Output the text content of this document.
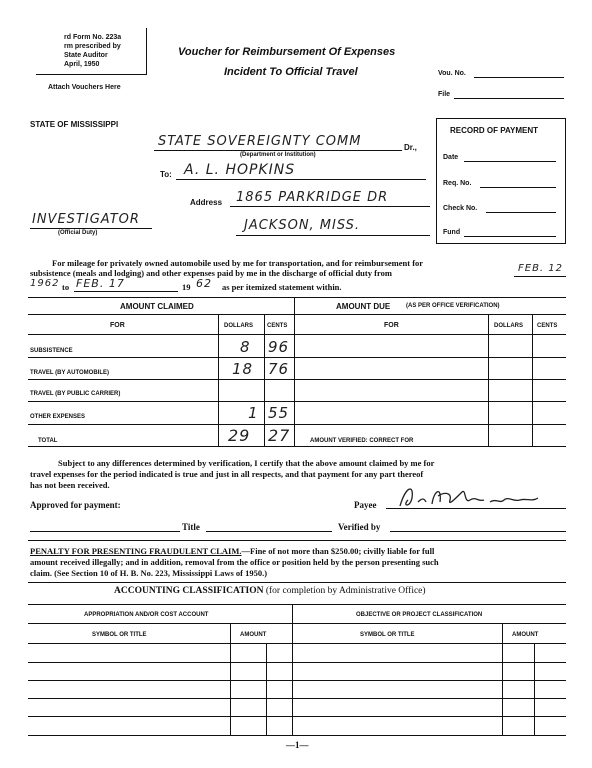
rd Form No. 223a
rm prescribed by
State Auditor
April, 1950
Attach Vouchers Here
Voucher for Reimbursement Of Expenses
Incident To Official Travel	Vou. No.
File
STATE OF MISSISSIPPI
RECORD OF PAYMENT
Date
Req. No.
Check No.
Fund
STATE SOVEREIGNTY COMM	Dr.,
(Department or Institution)
To: A. L. HOPKINS
Address 1865 PARKRIDGE DR
JACKSON, MISS.
INVESTIGATOR
(Official Duty)
For mileage for privately owned automobile used by me for transportation, and for reimbursement for
subsistence (meals and lodging) and other expenses paid by me in the discharge of official duty from	FEB. 12
1962 to FEB. 17	19 62 as per itemized statement within.
AMOUNT CLAIMED	AMOUNT DUE	(AS PER OFFICE VERIFICATION)
FOR	DOLLARS CENTS	FOR	DOLLARS CENTS
SUBSISTENCE	8 96
TRAVEL (BY AUTOMOBILE)	18 76
TRAVEL (BY PUBLIC CARRIER)
OTHER EXPENSES	1 55
TOTAL	29 27	AMOUNT VERIFIED: CORRECT FOR
Subject to any differences determined by verification, I certify that the above amount claimed by me for
travel expenses for the period indicated is true and just in all respects, and that payment for any part thereof
has not been received.
Approved for payment:	Payee
Title	Verified by
PENALTY FOR PRESENTING FRAUDULENT CLAIM.—Fine of not more than $250.00; civilly liable for full
amount received illegally; and in addition, removal from the office or position held by the person presenting such
claim. (See Section 10 of H. B. No. 223, Mississippi Laws of 1950.)
ACCOUNTING CLASSIFICATION (for completion by Administrative Office)
APPROPRIATION AND/OR COST ACCOUNT	OBJECTIVE OR PROJECT CLASSIFICATION
SYMBOL OR TITLE	AMOUNT	SYMBOL OR TITLE	AMOUNT
—1—
